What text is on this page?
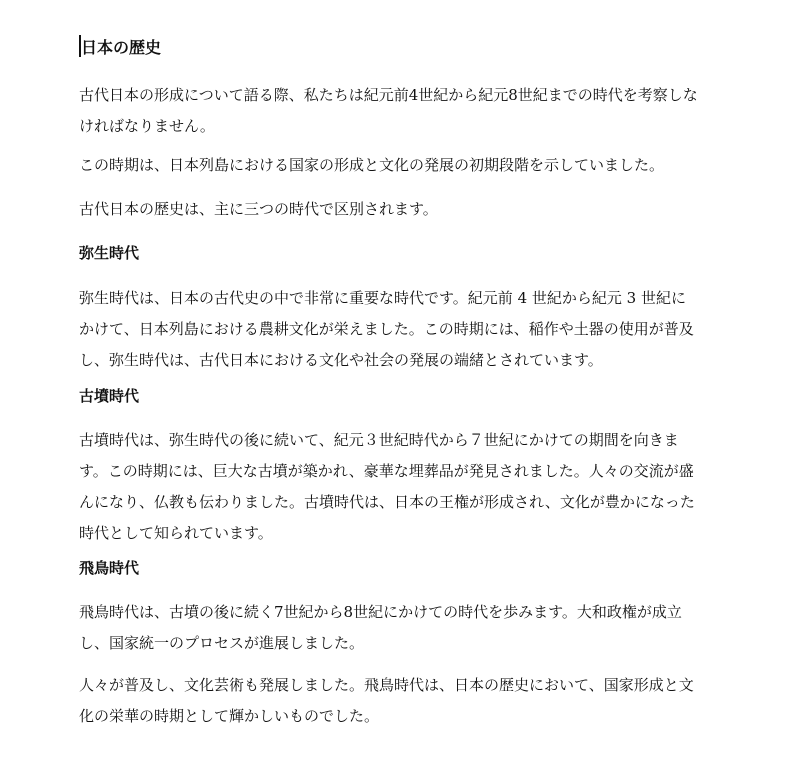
日本の歴史
古代日本の形成について語る際、私たちは紀元前4世紀から紀元8世紀までの時代を考察しな
ければなりません。
この時期は、日本列島における国家の形成と文化の発展の初期段階を示していました。
古代日本の歴史は、主に三つの時代で区別されます。
弥生時代
弥生時代は、日本の古代史の中で非常に重要な時代です。紀元前 4 世紀から紀元 3 世紀に
かけて、日本列島における農耕文化が栄えました。この時期には、稲作や土器の使用が普及
し、弥生時代は、古代日本における文化や社会の発展の端緒とされています。
古墳時代
古墳時代は、弥生時代の後に続いて、紀元３世紀時代から７世紀にかけての期間を向きま
す。この時期には、巨大な古墳が築かれ、豪華な埋葬品が発見されました。人々の交流が盛
んになり、仏教も伝わりました。古墳時代は、日本の王権が形成され、文化が豊かになった
時代として知られています。
飛鳥時代
飛鳥時代は、古墳の後に続く7世紀から8世紀にかけての時代を歩みます。大和政権が成立
し、国家統一のプロセスが進展しました。
人々が普及し、文化芸術も発展しました。飛鳥時代は、日本の歴史において、国家形成と文
化の栄華の時期として輝かしいものでした。
